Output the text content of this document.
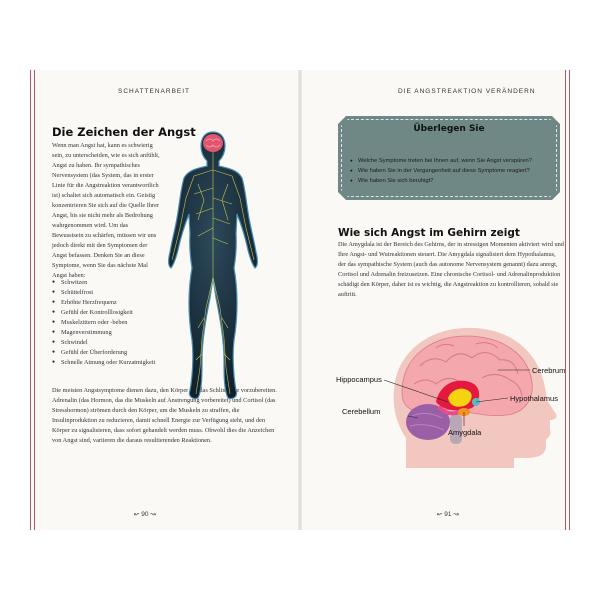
SCHATTENARBEIT
Die Zeichen der Angst

Wenn man Angst hat, kann es schwierig sein, zu unterscheiden, wie es sich anfühlt, Angst zu haben. Ihr sympathisches Nervensystem (das System, das in erster Linie für die Angstreaktion verantwortlich ist) schaltet sich automatisch ein. Geistig konzentrieren Sie sich auf die Quelle Ihrer Angst, bis sie nicht mehr als Bedrohung wahrgenommen wird. Um das Bewusstsein zu schärfen, müssen wir uns jedoch direkt mit den Symptomen der Angst befassen. Denken Sie an diese Symptome, wenn Sie das nächste Mal Angst haben:

● Schwitzen
● Schüttelfrost
● Erhöhte Herzfrequenz
● Gefühl der Kontrolllosigkeit
● Muskelzittern oder -beben
● Magenverstimmung
● Schwindel
● Gefühl der Überforderung
● Schnelle Atmung oder Kurzatmigkeit

Die meisten Angstsymptome dienen dazu, den Körper auf das Schlimmste vorzubereiten. Adrenalin (das Hormon, das die Muskeln auf Anstrengung vorbereitet) und Cortisol (das Stresshormon) strömen durch den Körper, um die Muskeln zu straffen, die Insulinproduktion zu reduzieren, damit schnell Energie zur Verfügung steht, und den Körper zu signalisieren, dass sofort gehandelt werden muss. Obwohl dies die Anzeichen von Angst sind, variieren die daraus resultierenden Reaktionen.

↜ 90 ↝
DIE ANGSTREAKTION VERÄNDERN
Überlegen Sie
● Welche Symptome treten bei Ihnen auf, wenn Sie Angst verspüren?
● Wie haben Sie in der Vergangenheit auf diese Symptome reagiert?
● Wie haben Sie sich beruhigt?
Wie sich Angst im Gehirn zeigt

Die Amygdala ist der Bereich des Gehirns, der in stressigen Momenten aktiviert wird und Ihre Angst- und Wutreaktionen steuert. Die Amygdala signalisiert dem Hypothalamus, der das sympathische System (auch das autonome Nervensystem genannt) dazu anregt, Cortisol und Adrenalin freizusetzen. Eine chronische Cortisol- und Adrenalinproduktion schädigt den Körper, daher ist es wichtig, die Angstreaktion zu kontrollieren, sobald sie auftritt.

Hippocampus
Cerebrum
Hypothalamus
Cerebellum
Amygdala
↜ 91 ↝
